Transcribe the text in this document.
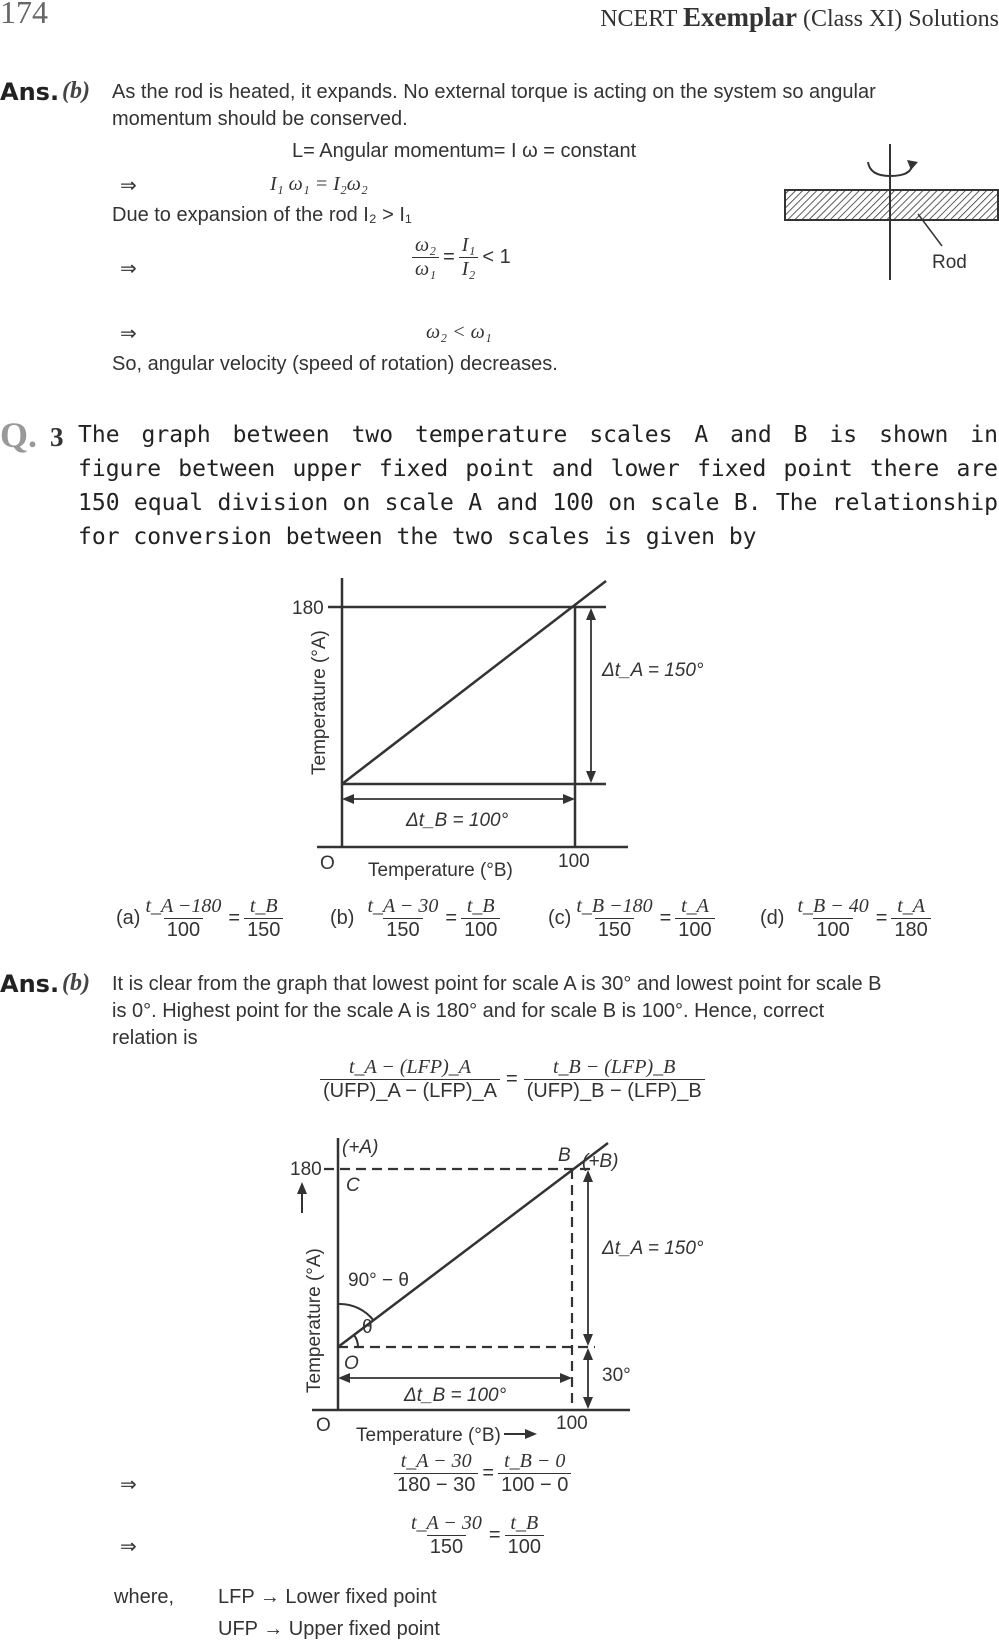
174	NCERT Exemplar (Class XI) Solutions
Ans. (b) As the rod is heated, it expands. No external torque is acting on the system so angular
momentum should be conserved.
L= Angular momentum= I ω = constant
⇒	I₁ ω₁ = I₂ω₂
Due to expansion of the rod I₂ > I₁
⇒	$\frac{\text{ω₂}}{\text{ω₁}} = \frac{\text{I₁}}{\text{I₂}} < 1$
⇒	ω₂ < ω₁
So, angular velocity (speed of rotation) decreases.
Rod
Q. 3 The graph between two temperature scales A and B is shown in figure between upper fixed point and lower fixed point there are 150 equal division on scale A and 100 on scale B. The relationship for conversion between the two scales is given by
180
O	100
Temperature (°B)
Temperature (°A)	Δt_A = 150°
Δt_B = 100°
$(a) \frac{t\_A -180}{100} = \frac{t\_B}{150} (b) \frac{t\_A - 30}{150} = \frac{t\_B}{100} (c) \frac{t\_B -180}{150} = \frac{t\_A}{100} (d) \frac{t\_B - 40}{100} = \frac{t\_A}{180}$
Ans. (b) It is clear from the graph that lowest point for scale A is 30° and lowest point for scale B
is 0°. Highest point for the scale A is 180° and for scale B is 100°. Hence, correct
relation is
$\frac{\text{t\_A − (LFP)\_A}}{\text{(UFP)\_A − (LFP)\_A}} = \frac{\text{t\_B − (LFP)\_B}}{\text{(UFP)\_B − (LFP)\_B}}$
180
(+A)
C
B (+B)
O
O	100
90° − θ
θ
Δt_A = 150°
Δt_B = 100°
30°
Temperature (°B)
Temperature (°A)
⇒	$\frac{t\_A - 30}{180 - 30} = \frac{t\_B - 0}{100 - 0}$
⇒	$\frac{t\_A - 30}{150} = \frac{t\_B}{100}$
where, LFP → Lower fixed point
UFP → Upper fixed point
